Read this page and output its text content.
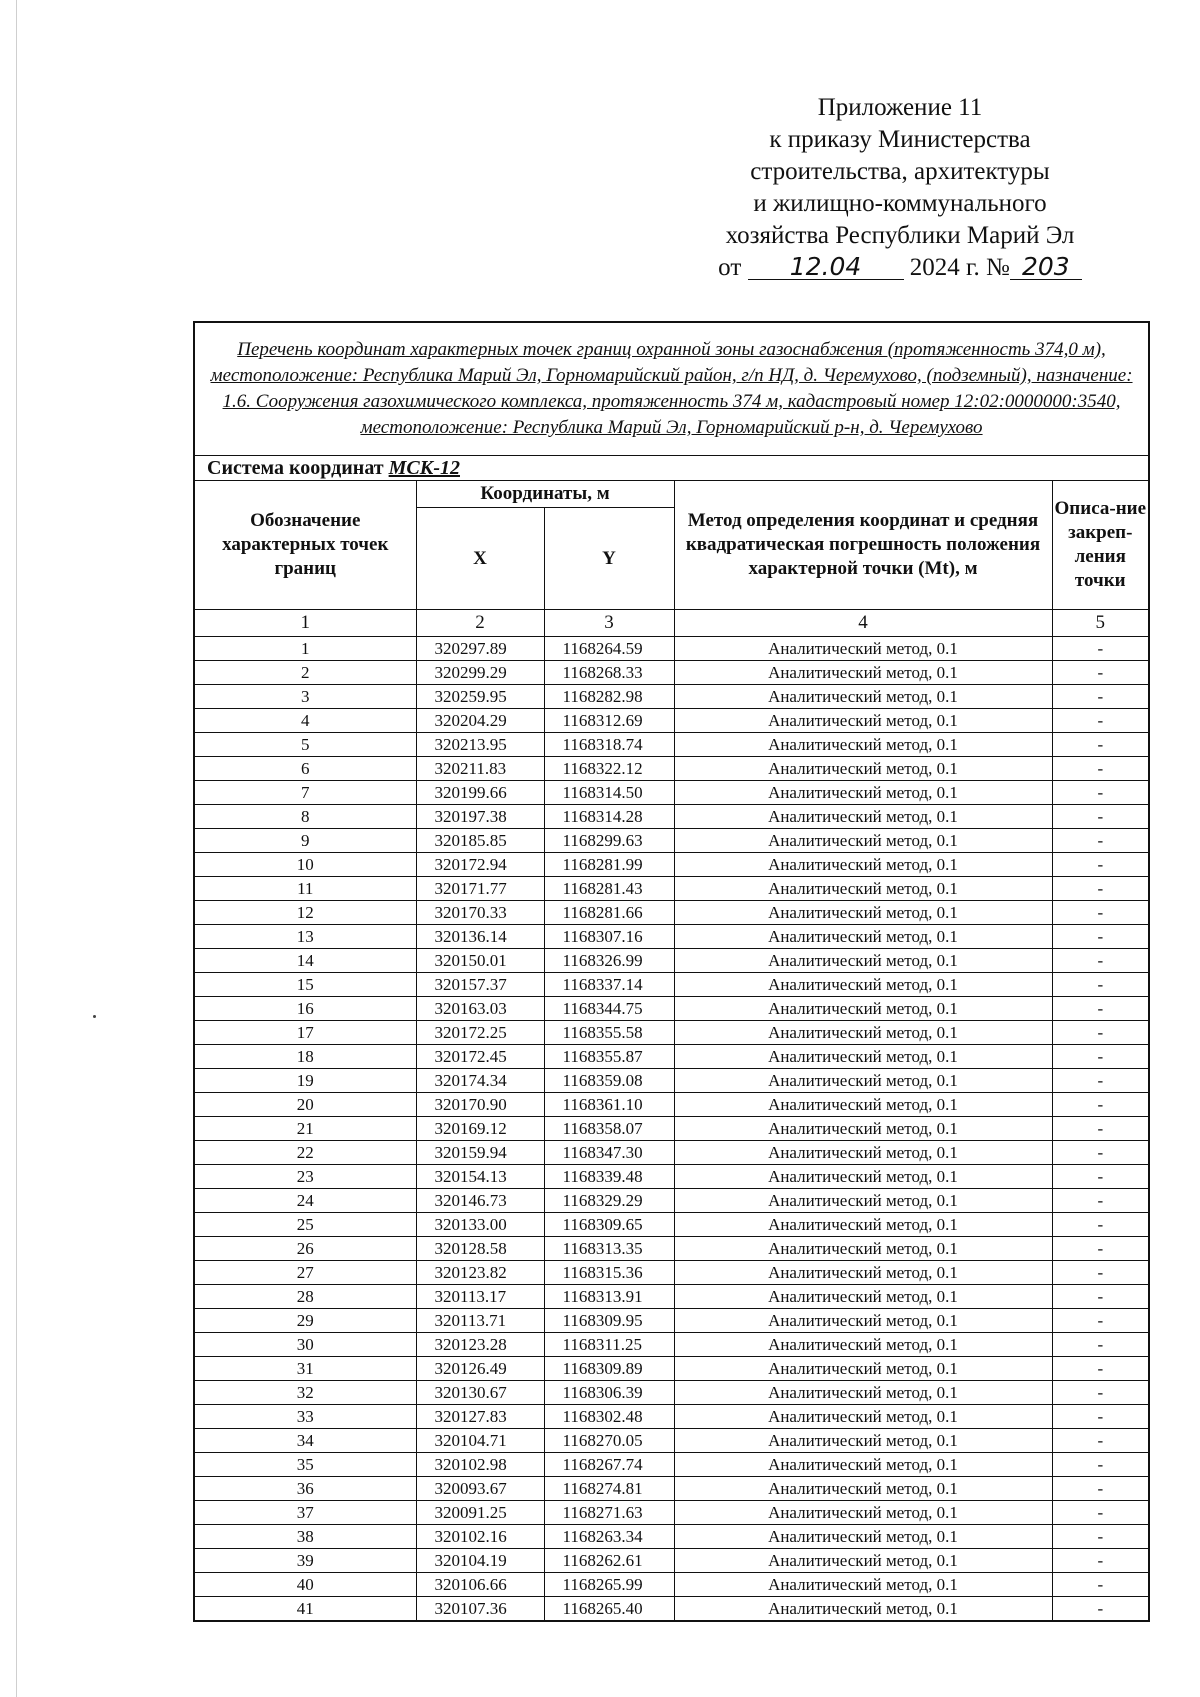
Приложение 11
к приказу Министерства
строительства, архитектуры
и жилищно-коммунального
хозяйства Республики Марий Эл
от 12.04 2024 г. № 203
Перечень координат характерных точек границ охранной зоны газоснабжения (протяженность 374,0 м), местоположение: Республика Марий Эл, Горномарийский район, г/п НД, д. Черемухово, (подземный), назначение: 1.6. Сооружения газохимического комплекса, протяженность 374 м, кадастровый номер 12:02:0000000:3540, местоположение: Республика Марий Эл, Горномарийский р-н, д. Черемухово				
Система координат МСК-12				
Обозначение характерных точек границ	Координаты, м		Метод определения координат и средняя квадратическая погрешность положения характерной точки (Mt), м	Описа-ние закреп-ления точки
	X	Y		
1	2	3	4	5
1	320297.89	1168264.59	Аналитический метод, 0.1	-
2	320299.29	1168268.33	Аналитический метод, 0.1	-
3	320259.95	1168282.98	Аналитический метод, 0.1	-
4	320204.29	1168312.69	Аналитический метод, 0.1	-
5	320213.95	1168318.74	Аналитический метод, 0.1	-
6	320211.83	1168322.12	Аналитический метод, 0.1	-
7	320199.66	1168314.50	Аналитический метод, 0.1	-
8	320197.38	1168314.28	Аналитический метод, 0.1	-
9	320185.85	1168299.63	Аналитический метод, 0.1	-
10	320172.94	1168281.99	Аналитический метод, 0.1	-
11	320171.77	1168281.43	Аналитический метод, 0.1	-
12	320170.33	1168281.66	Аналитический метод, 0.1	-
13	320136.14	1168307.16	Аналитический метод, 0.1	-
14	320150.01	1168326.99	Аналитический метод, 0.1	-
15	320157.37	1168337.14	Аналитический метод, 0.1	-
16	320163.03	1168344.75	Аналитический метод, 0.1	-
17	320172.25	1168355.58	Аналитический метод, 0.1	-
18	320172.45	1168355.87	Аналитический метод, 0.1	-
19	320174.34	1168359.08	Аналитический метод, 0.1	-
20	320170.90	1168361.10	Аналитический метод, 0.1	-
21	320169.12	1168358.07	Аналитический метод, 0.1	-
22	320159.94	1168347.30	Аналитический метод, 0.1	-
23	320154.13	1168339.48	Аналитический метод, 0.1	-
24	320146.73	1168329.29	Аналитический метод, 0.1	-
25	320133.00	1168309.65	Аналитический метод, 0.1	-
26	320128.58	1168313.35	Аналитический метод, 0.1	-
27	320123.82	1168315.36	Аналитический метод, 0.1	-
28	320113.17	1168313.91	Аналитический метод, 0.1	-
29	320113.71	1168309.95	Аналитический метод, 0.1	-
30	320123.28	1168311.25	Аналитический метод, 0.1	-
31	320126.49	1168309.89	Аналитический метод, 0.1	-
32	320130.67	1168306.39	Аналитический метод, 0.1	-
33	320127.83	1168302.48	Аналитический метод, 0.1	-
34	320104.71	1168270.05	Аналитический метод, 0.1	-
35	320102.98	1168267.74	Аналитический метод, 0.1	-
36	320093.67	1168274.81	Аналитический метод, 0.1	-
37	320091.25	1168271.63	Аналитический метод, 0.1	-
38	320102.16	1168263.34	Аналитический метод, 0.1	-
39	320104.19	1168262.61	Аналитический метод, 0.1	-
40	320106.66	1168265.99	Аналитический метод, 0.1	-
41	320107.36	1168265.40	Аналитический метод, 0.1	-
